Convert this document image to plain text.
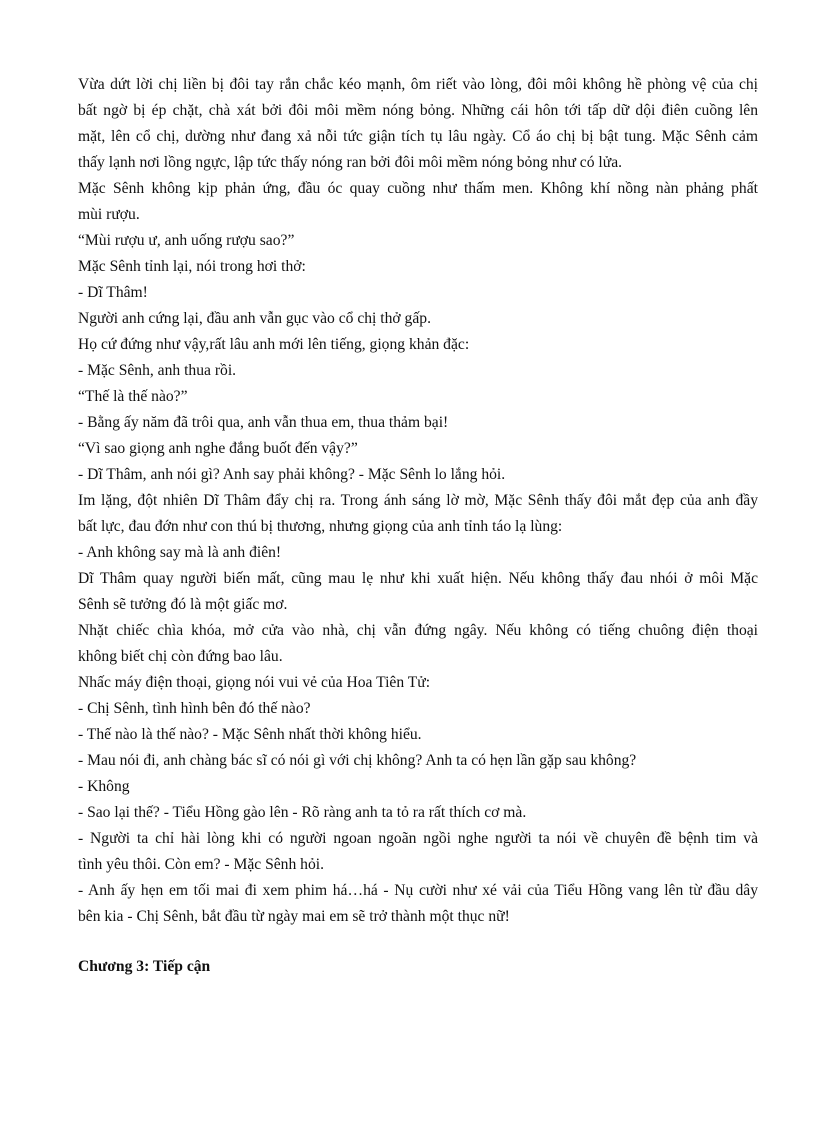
Vừa dứt lời chị liền bị đôi tay rắn chắc kéo mạnh, ôm riết vào lòng, đôi môi không hề phòng vệ của chị
bất ngờ bị ép chặt, chà xát bởi đôi môi mềm nóng bỏng. Những cái hôn tới tấp dữ dội điên cuồng lên
mặt, lên cổ chị, dường như đang xả nỗi tức giận tích tụ lâu ngày. Cổ áo chị bị bật tung. Mặc Sênh cảm
thấy lạnh nơi lồng ngực, lập tức thấy nóng ran bởi đôi môi mềm nóng bỏng như có lửa.

Mặc Sênh không kịp phản ứng, đầu óc quay cuồng như thấm men. Không khí nồng nàn phảng phất
mùi rượu.

“Mùi rượu ư, anh uống rượu sao?”

Mặc Sênh tỉnh lại, nói trong hơi thở:

- Dĩ Thâm!

Người anh cứng lại, đầu anh vẫn gục vào cổ chị thở gấp.

Họ cứ đứng như vậy,rất lâu anh mới lên tiếng, giọng khản đặc:

- Mặc Sênh, anh thua rồi.

“Thế là thế nào?”

- Bằng ấy năm đã trôi qua, anh vẫn thua em, thua thảm bại!

“Vì sao giọng anh nghe đắng buốt đến vậy?”

- Dĩ Thâm, anh nói gì? Anh say phải không? - Mặc Sênh lo lắng hỏi.

Im lặng, đột nhiên Dĩ Thâm đẩy chị ra. Trong ánh sáng lờ mờ, Mặc Sênh thấy đôi mắt đẹp của anh đầy
bất lực, đau đớn như con thú bị thương, nhưng giọng của anh tỉnh táo lạ lùng:

- Anh không say mà là anh điên!

Dĩ Thâm quay người biến mất, cũng mau lẹ như khi xuất hiện. Nếu không thấy đau nhói ở môi Mặc
Sênh sẽ tưởng đó là một giấc mơ.

Nhặt chiếc chìa khóa, mở cửa vào nhà, chị vẫn đứng ngây. Nếu không có tiếng chuông điện thoại
không biết chị còn đứng bao lâu.

Nhấc máy điện thoại, giọng nói vui vẻ của Hoa Tiên Tử:

- Chị Sênh, tình hình bên đó thế nào?

- Thế nào là thế nào? - Mặc Sênh nhất thời không hiểu.

- Mau nói đi, anh chàng bác sĩ có nói gì với chị không? Anh ta có hẹn lần gặp sau không?

- Không

- Sao lại thế? - Tiểu Hồng gào lên - Rõ ràng anh ta tỏ ra rất thích cơ mà.

- Người ta chỉ hài lòng khi có người ngoan ngoãn ngồi nghe người ta nói về chuyên đề bệnh tim và
tình yêu thôi. Còn em? - Mặc Sênh hỏi.

- Anh ấy hẹn em tối mai đi xem phim há…há - Nụ cười như xé vải của Tiểu Hồng vang lên từ đầu dây
bên kia - Chị Sênh, bắt đầu từ ngày mai em sẽ trở thành một thục nữ!

Chương 3: Tiếp cận
